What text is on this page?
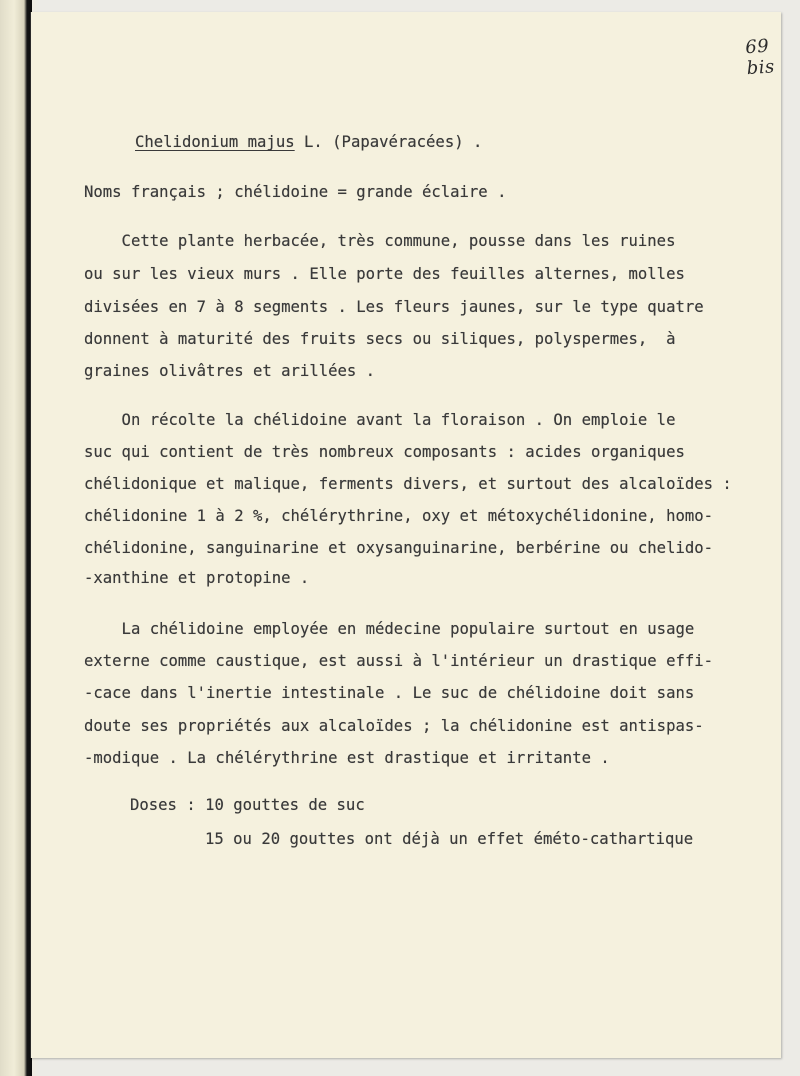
69 bis
Chelidonium majus L. (Papavéracées) .
Noms français ; chélidoine = grande éclaire .
Cette plante herbacée, très commune, pousse dans les ruines
ou sur les vieux murs . Elle porte des feuilles alternes, molles
divisées en 7 à 8 segments . Les fleurs jaunes, sur le type quatre
donnent à maturité des fruits secs ou siliques, polyspermes,  à
graines olivâtres et arillées .
On récolte la chélidoine avant la floraison . On emploie le
suc qui contient de très nombreux composants : acides organiques
chélidonique et malique, ferments divers, et surtout des alcaloïdes :
chélidonine 1 à 2 %, chélérythrine, oxy et métoxychélidonine, homo-
chélidonine, sanguinarine et oxysanguinarine, berbérine ou chelido-
-xanthine et protopine .
La chélidoine employée en médecine populaire surtout en usage
externe comme caustique, est aussi à l'intérieur un drastique effi-
-cace dans l'inertie intestinale . Le suc de chélidoine doit sans
doute ses propriétés aux alcaloïdes ; la chélidonine est antispas-
-modique . La chélérythrine est drastique et irritante .
Doses : 10 gouttes de suc
15 ou 20 gouttes ont déjà un effet éméto-cathartique
